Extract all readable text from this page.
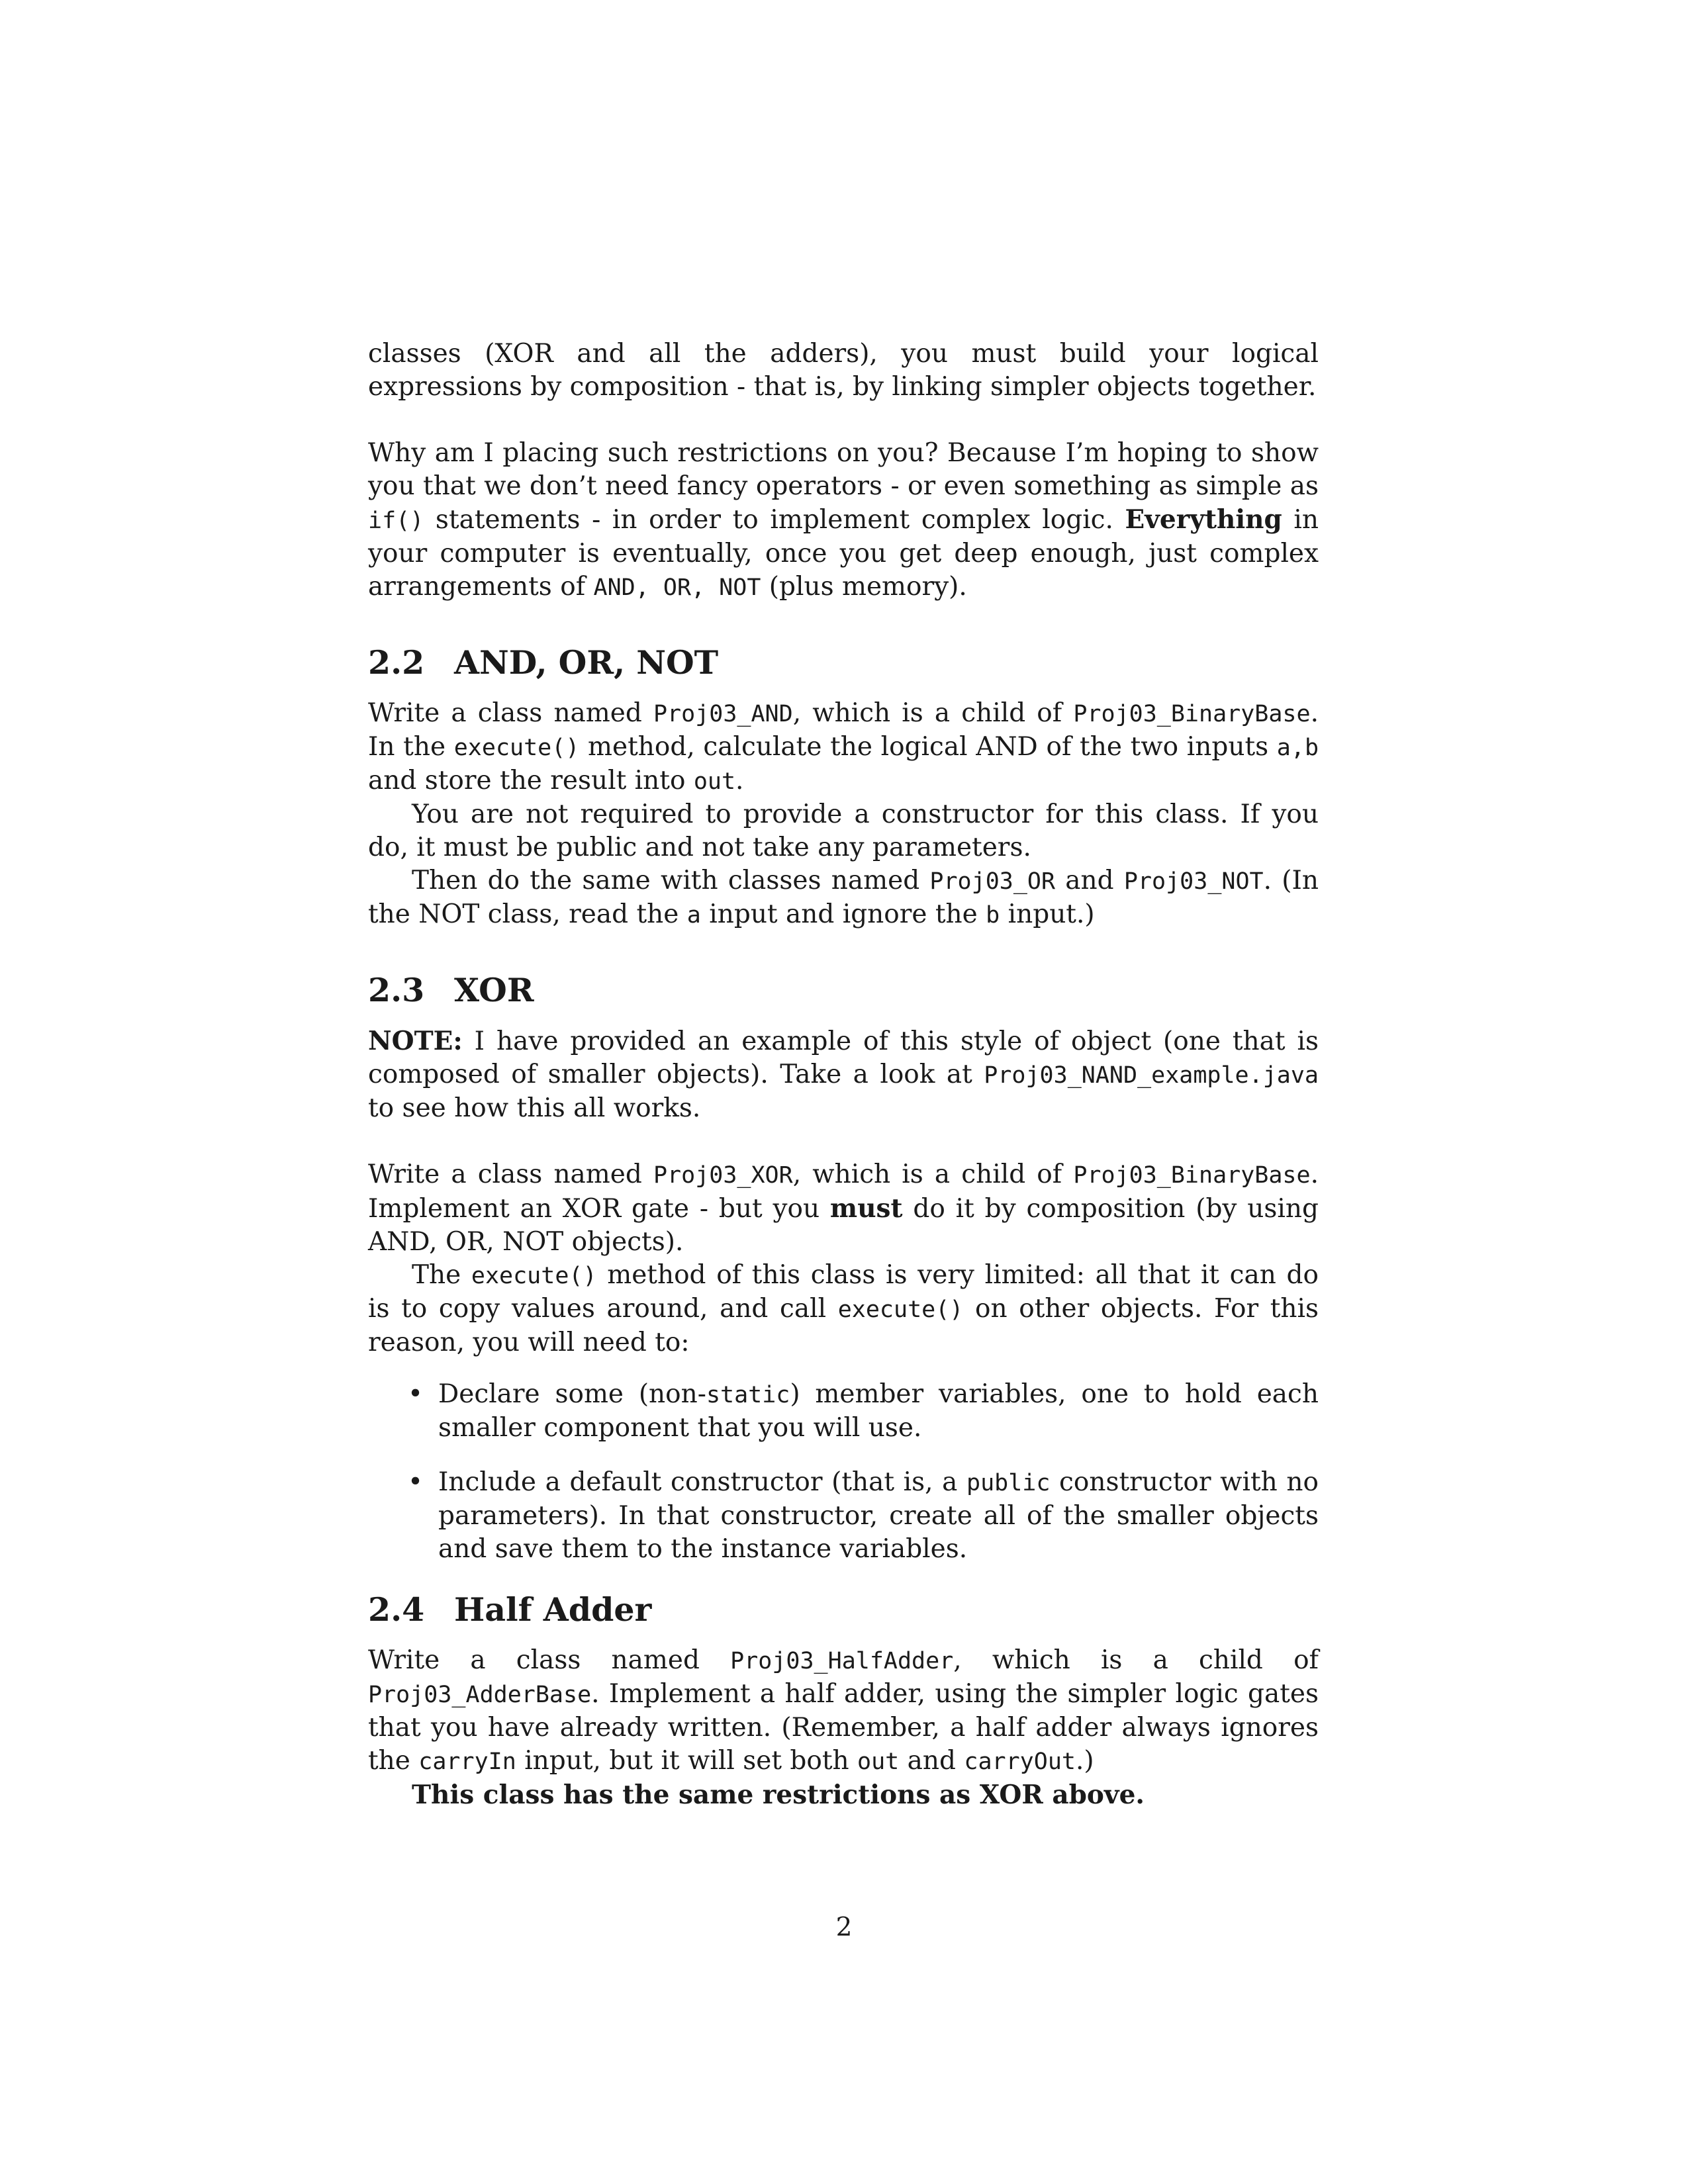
classes (XOR and all the adders), you must build your logical expressions by composition - that is, by linking simpler objects together.

Why am I placing such restrictions on you? Because I’m hoping to show you that we don’t need fancy operators - or even something as simple as if() statements - in order to implement complex logic. Everything in your computer is eventually, once you get deep enough, just complex arrangements of AND, OR, NOT (plus memory).

2.2 AND, OR, NOT

Write a class named Proj03_AND, which is a child of Proj03_BinaryBase. In the execute() method, calculate the logical AND of the two inputs a,b and store the result into out.

You are not required to provide a constructor for this class. If you do, it must be public and not take any parameters.

Then do the same with classes named Proj03_OR and Proj03_NOT. (In the NOT class, read the a input and ignore the b input.)

2.3 XOR

NOTE: I have provided an example of this style of object (one that is composed of smaller objects). Take a look at Proj03_NAND_example.java to see how this all works.

Write a class named Proj03_XOR, which is a child of Proj03_BinaryBase. Implement an XOR gate - but you must do it by composition (by using AND, OR, NOT objects).

The execute() method of this class is very limited: all that it can do is to copy values around, and call execute() on other objects. For this reason, you will need to:

• Declare some (non-static) member variables, one to hold each smaller component that you will use.
• Include a default constructor (that is, a public constructor with no parameters). In that constructor, create all of the smaller objects and save them to the instance variables.
2.4 Half Adder

Write a class named Proj03_HalfAdder, which is a child of Proj03_AdderBase. Implement a half adder, using the simpler logic gates that you have already written. (Remember, a half adder always ignores the carryIn input, but it will set both out and carryOut.)

This class has the same restrictions as XOR above.

2
